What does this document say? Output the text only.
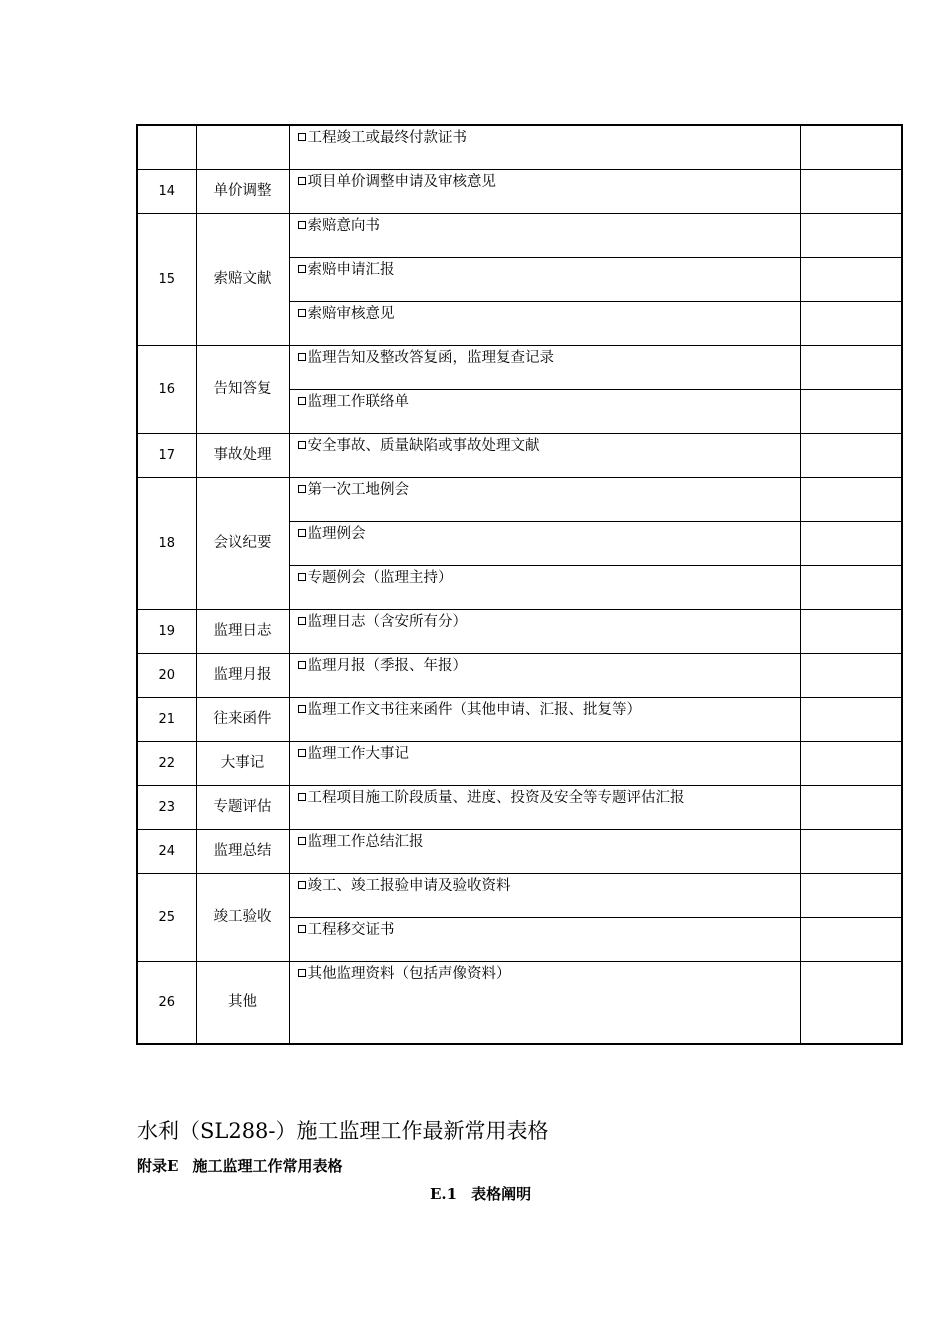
		工程竣工或最终付款证书	
14	单价调整	项目单价调整申请及审核意见	
15	索赔文献	索赔意向书	
		索赔申请汇报	
		索赔审核意见	
16	告知答复	监理告知及整改答复函，监理复查记录	
		监理工作联络单	
17	事故处理	安全事故、质量缺陷或事故处理文献	
18	会议纪要	第一次工地例会	
		监理例会	
		专题例会（监理主持）	
19	监理日志	监理日志（含安所有分）	
20	监理月报	监理月报（季报、年报）	
21	往来函件	监理工作文书往来函件（其他申请、汇报、批复等）	
22	大事记	监理工作大事记	
23	专题评估	工程项目施工阶段质量、进度、投资及安全等专题评估汇报	
24	监理总结	监理工作总结汇报	
25	竣工验收	竣工、竣工报验申请及验收资料	
		工程移交证书	
26	其他	其他监理资料（包括声像资料）	
水利（SL288-）施工监理工作最新常用表格

附录E 施工监理工作常用表格

E.1 表格阐明
